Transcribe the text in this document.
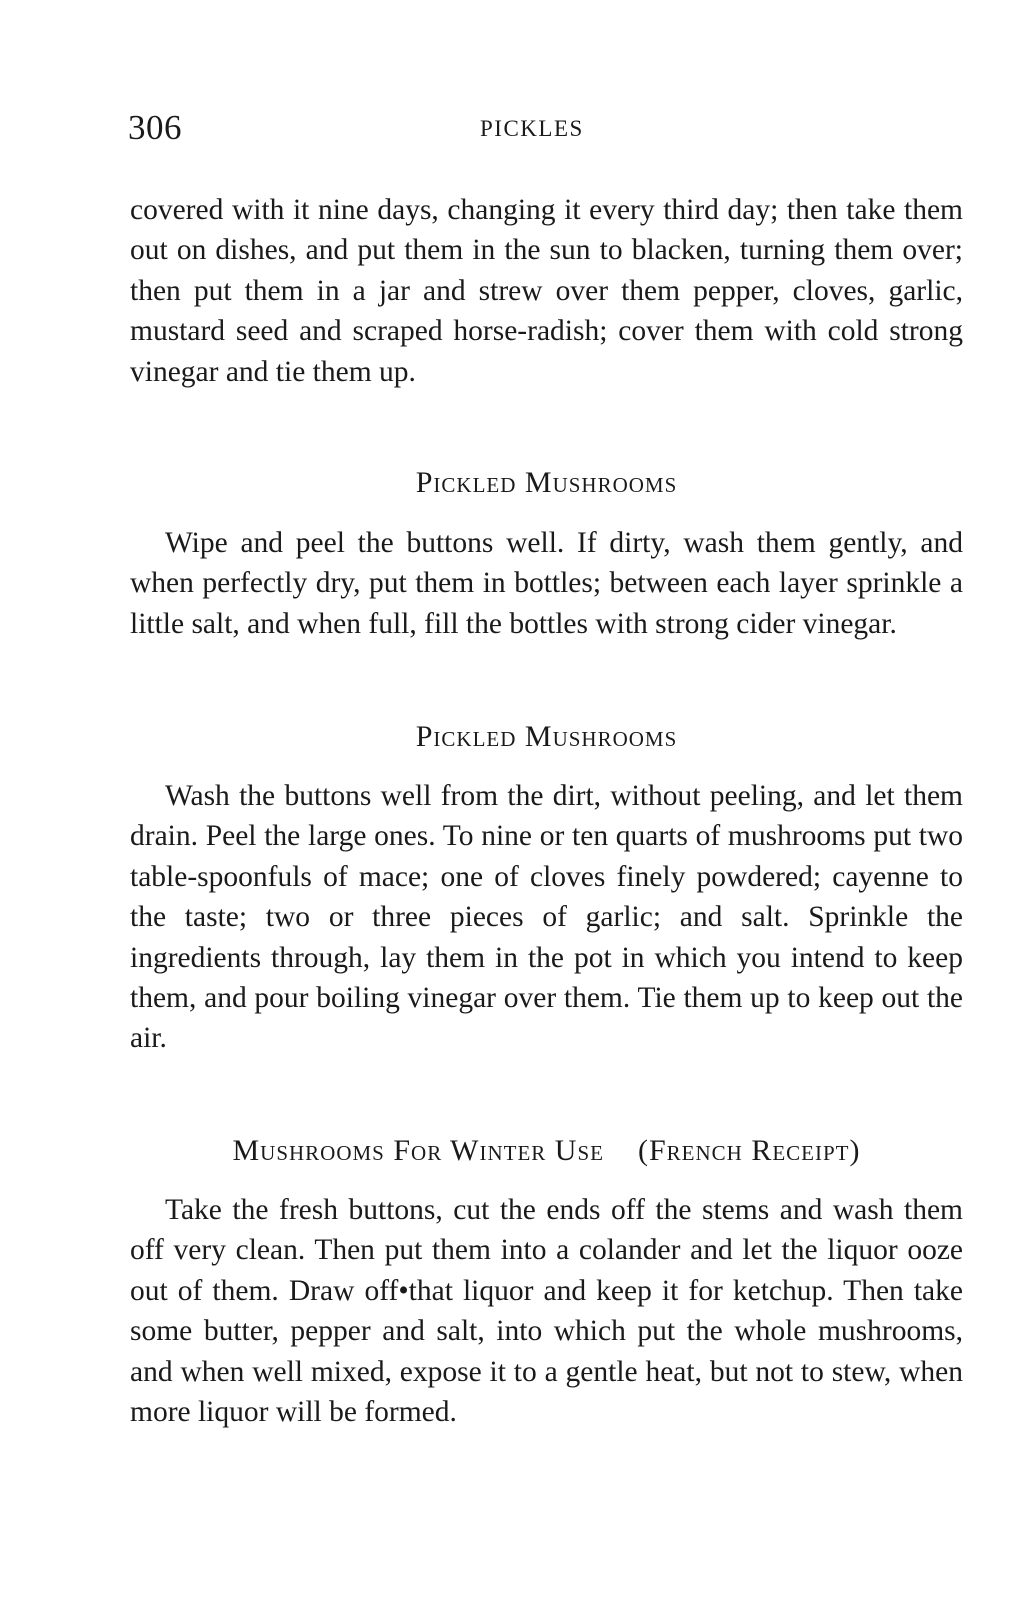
306	PICKLES

covered with it nine days, changing it every third day; then take them out on dishes, and put them in the sun to blacken, turning them over; then put them in a jar and strew over them pepper, cloves, garlic, mustard seed and scraped horse-radish; cover them with cold strong vinegar and tie them up.

Pickled Mushrooms

Wipe and peel the buttons well. If dirty, wash them gently, and when perfectly dry, put them in bottles; between each layer sprinkle a little salt, and when full, fill the bottles with strong cider vinegar.

Pickled Mushrooms

Wash the buttons well from the dirt, without peeling, and let them drain. Peel the large ones. To nine or ten quarts of mushrooms put two table-spoonfuls of mace; one of cloves finely powdered; cayenne to the taste; two or three pieces of garlic; and salt. Sprinkle the ingredients through, lay them in the pot in which you intend to keep them, and pour boiling vinegar over them. Tie them up to keep out the air.

Mushrooms For Winter Use (French Receipt)

Take the fresh buttons, cut the ends off the stems and wash them off very clean. Then put them into a colander and let the liquor ooze out of them. Draw off•that liquor and keep it for ketchup. Then take some butter, pepper and salt, into which put the whole mushrooms, and when well mixed, expose it to a gentle heat, but not to stew, when more liquor will be formed.
